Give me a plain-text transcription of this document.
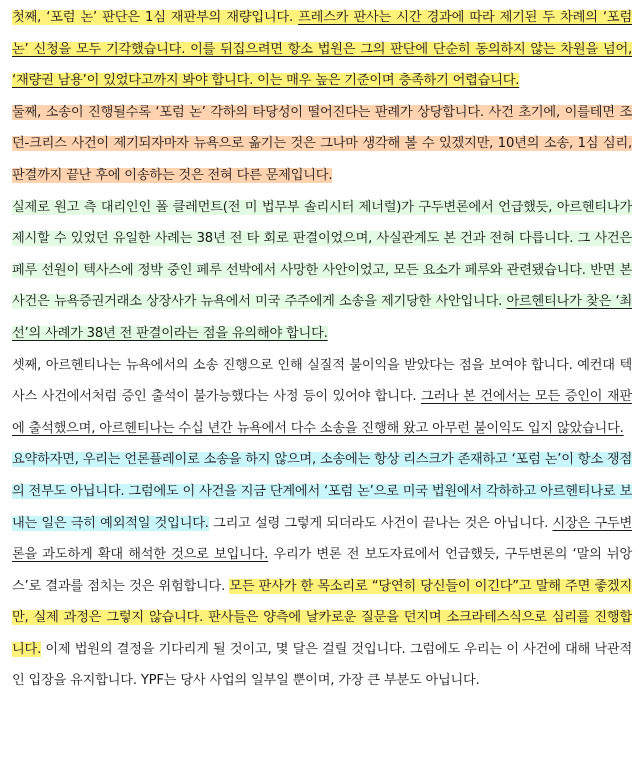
첫째, ‘포럼 논’ 판단은 1심 재판부의 재량입니다. 프레스카 판사는 시간 경과에 따라 제기된 두 차례의 ‘포럼 논’ 신청을 모두 기각했습니다. 이를 뒤집으려면 항소 법원은 그의 판단에 단순히 동의하지 않는 차원을 넘어, ‘재량권 남용’이 있었다고까지 봐야 합니다. 이는 매우 높은 기준이며 충족하기 어렵습니다.

둘째, 소송이 진행될수록 ‘포럼 논’ 각하의 타당성이 떨어진다는 판례가 상당합니다. 사건 초기에, 이를테면 조던-크리스 사건이 제기되자마자 뉴욕으로 옮기는 것은 그나마 생각해 볼 수 있겠지만, 10년의 소송, 1심 심리, 판결까지 끝난 후에 이송하는 것은 전혀 다른 문제입니다.

실제로 원고 측 대리인인 폴 클레먼트(전 미 법무부 솔리시터 제너럴)가 구두변론에서 언급했듯, 아르헨티나가 제시할 수 있었던 유일한 사례는 38년 전 타 회로 판결이었으며, 사실관계도 본 건과 전혀 다릅니다. 그 사건은 페루 선원이 텍사스에 정박 중인 페루 선박에서 사망한 사안이었고, 모든 요소가 페루와 관련됐습니다. 반면 본 사건은 뉴욕증권거래소 상장사가 뉴욕에서 미국 주주에게 소송을 제기당한 사안입니다. 아르헨티나가 찾은 ‘최선’의 사례가 38년 전 판결이라는 점을 유의해야 합니다.

셋째, 아르헨티나는 뉴욕에서의 소송 진행으로 인해 실질적 불이익을 받았다는 점을 보여야 합니다. 예컨대 텍사스 사건에서처럼 증인 출석이 불가능했다는 사정 등이 있어야 합니다. 그러나 본 건에서는 모든 증인이 재판에 출석했으며, 아르헨티나는 수십 년간 뉴욕에서 다수 소송을 진행해 왔고 아무런 불이익도 입지 않았습니다.

요약하자면, 우리는 언론플레이로 소송을 하지 않으며, 소송에는 항상 리스크가 존재하고 ‘포럼 논’이 항소 쟁점의 전부도 아닙니다. 그럼에도 이 사건을 지금 단계에서 ‘포럼 논’으로 미국 법원에서 각하하고 아르헨티나로 보내는 일은 극히 예외적일 것입니다. 그리고 설령 그렇게 되더라도 사건이 끝나는 것은 아닙니다. 시장은 구두변론을 과도하게 확대 해석한 것으로 보입니다. 우리가 변론 전 보도자료에서 언급했듯, 구두변론의 ‘말의 뉘앙스’로 결과를 점치는 것은 위험합니다. 모든 판사가 한 목소리로 “당연히 당신들이 이긴다”고 말해 주면 좋겠지만, 실제 과정은 그렇지 않습니다. 판사들은 양측에 날카로운 질문을 던지며 소크라테스식으로 심리를 진행합니다. 이제 법원의 결정을 기다리게 될 것이고, 몇 달은 걸릴 것입니다. 그럼에도 우리는 이 사건에 대해 낙관적인 입장을 유지합니다. YPF는 당사 사업의 일부일 뿐이며, 가장 큰 부분도 아닙니다.
